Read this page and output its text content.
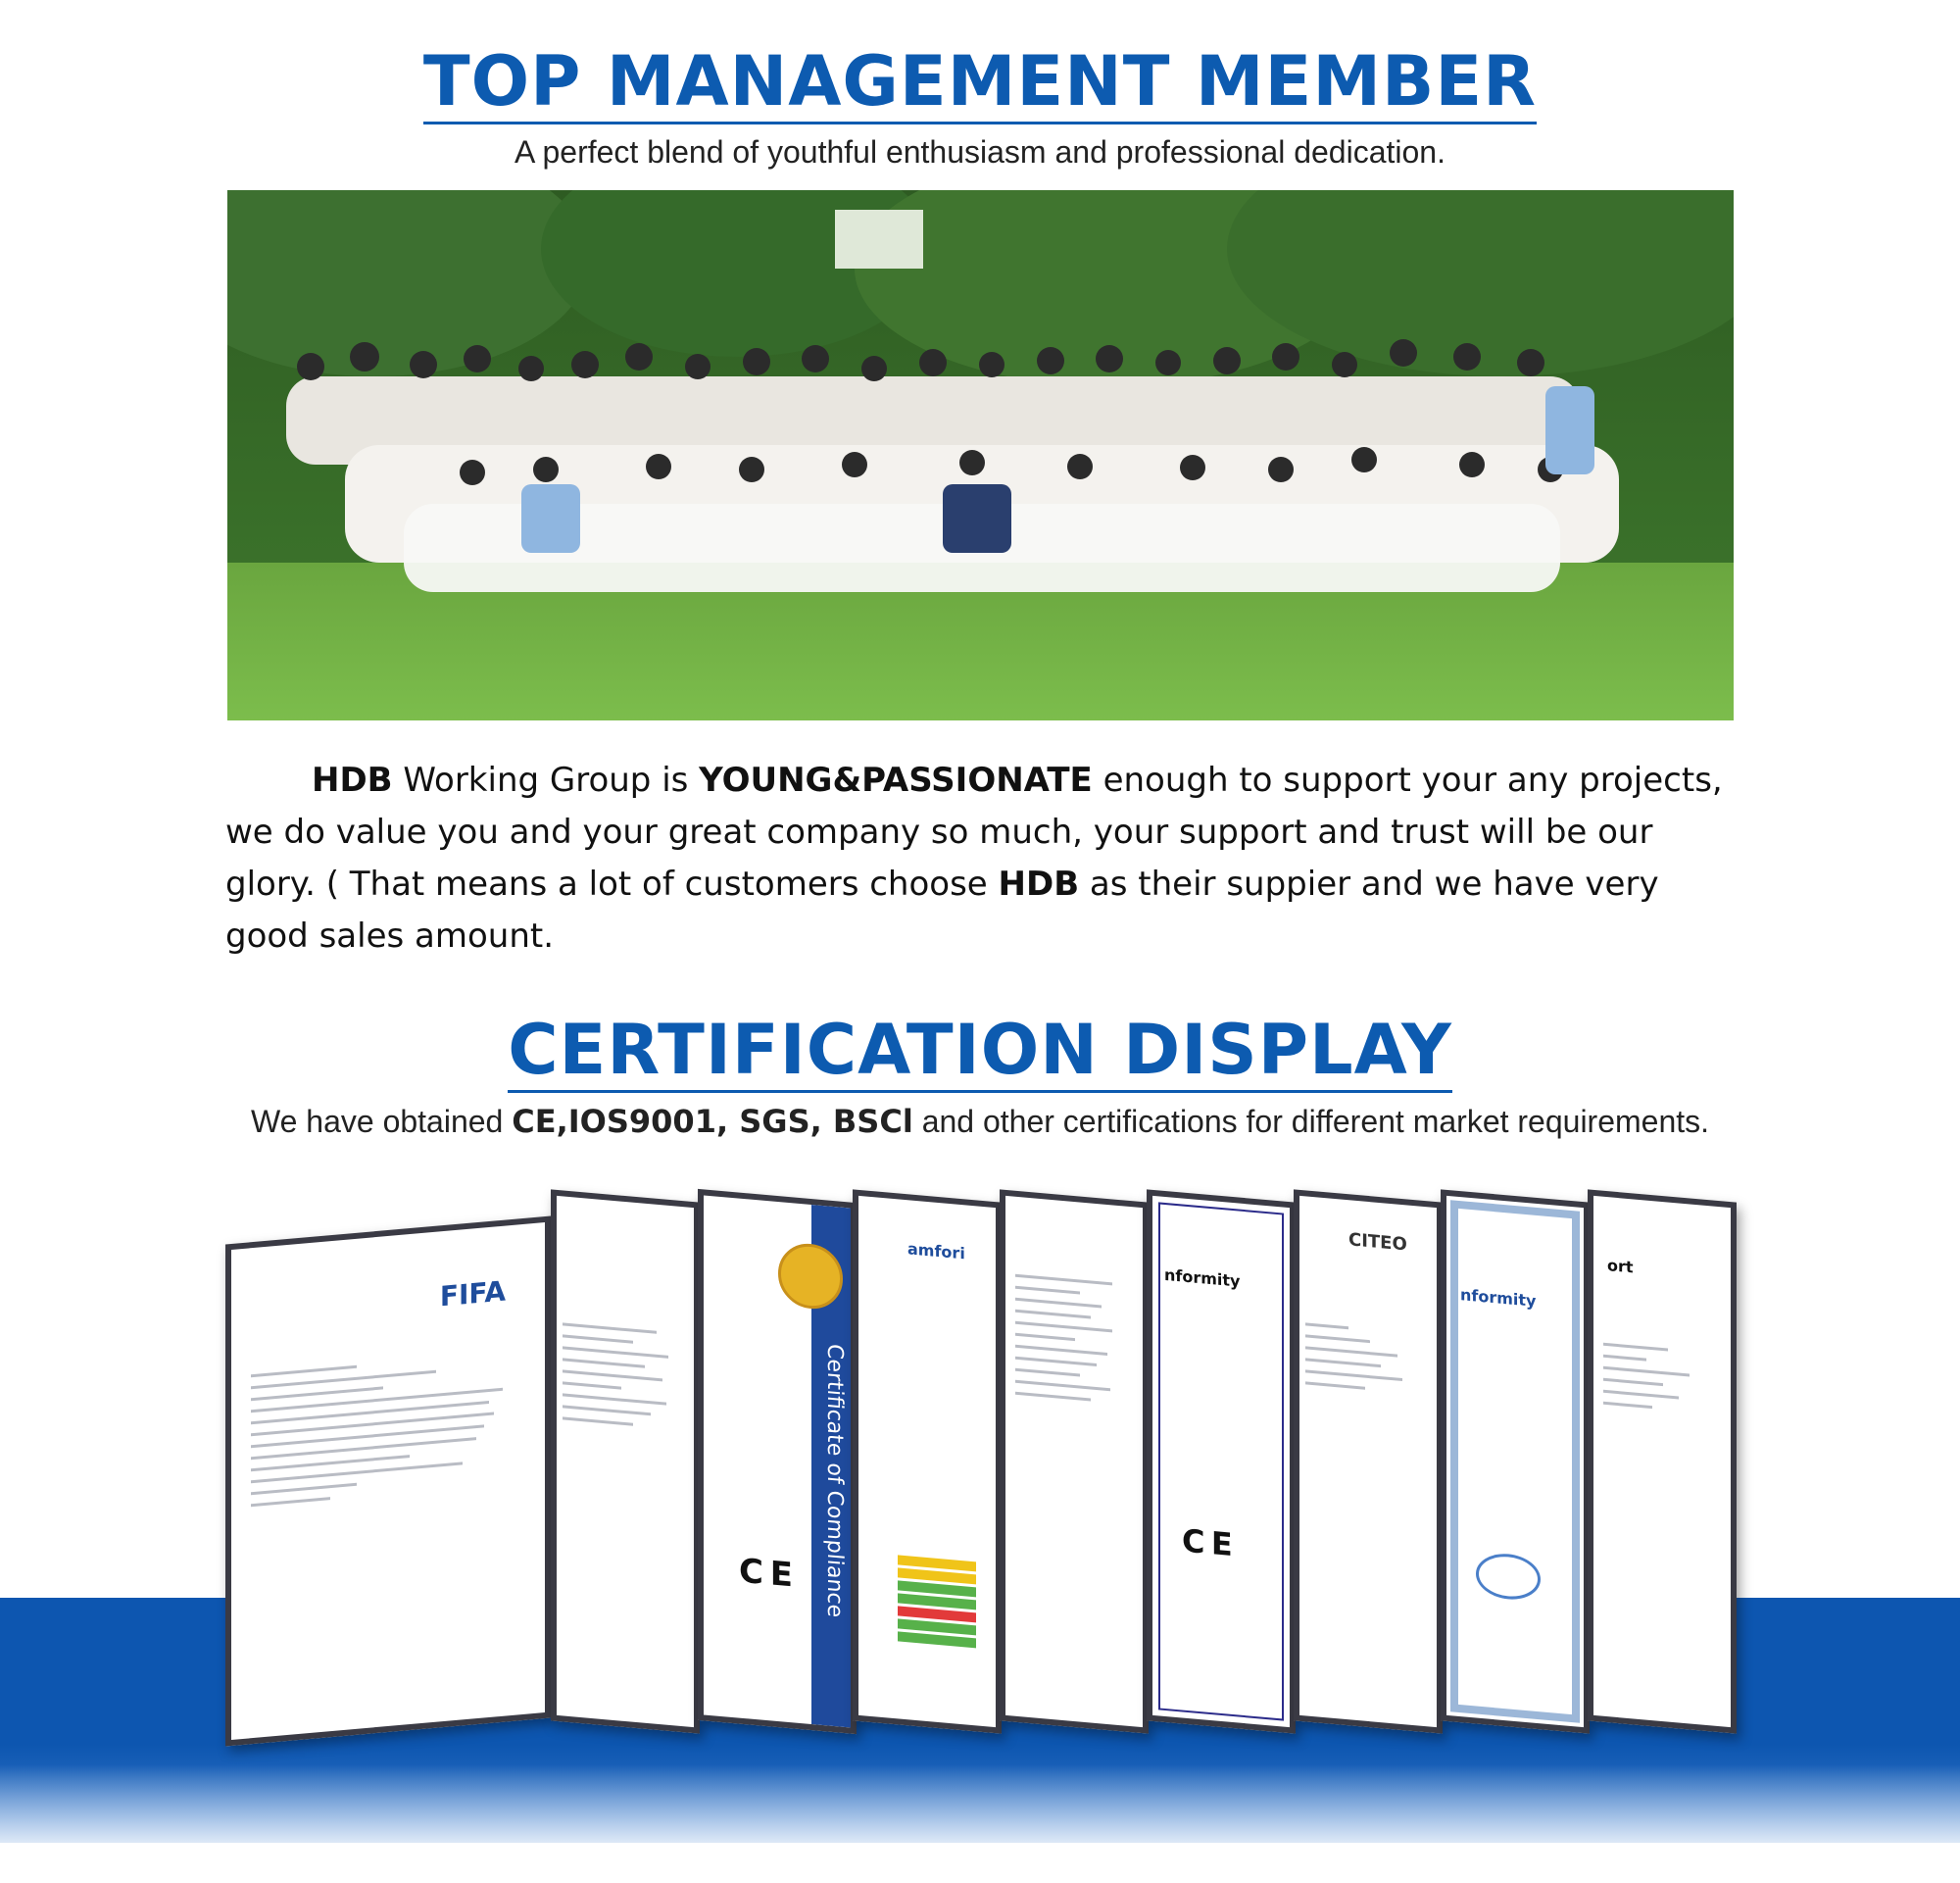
TOP MANAGEMENT MEMBER

A perfect blend of youthful enthusiasm and professional dedication.

HDB Working Group is YOUNG&PASSIONATE enough to support your any projects, we do value you and your great company so much, your support and trust will be our glory. ( That means a lot of customers choose HDB as their suppier and we have very good sales amount.

CERTIFICATION DISPLAY

We have obtained CE,IOS9001, SGS, BSCl and other certifications for different market requirements.

FIFA
Certificate of Compliance
C E
amfori
nformity
C E
CITEO
nformity
ort
